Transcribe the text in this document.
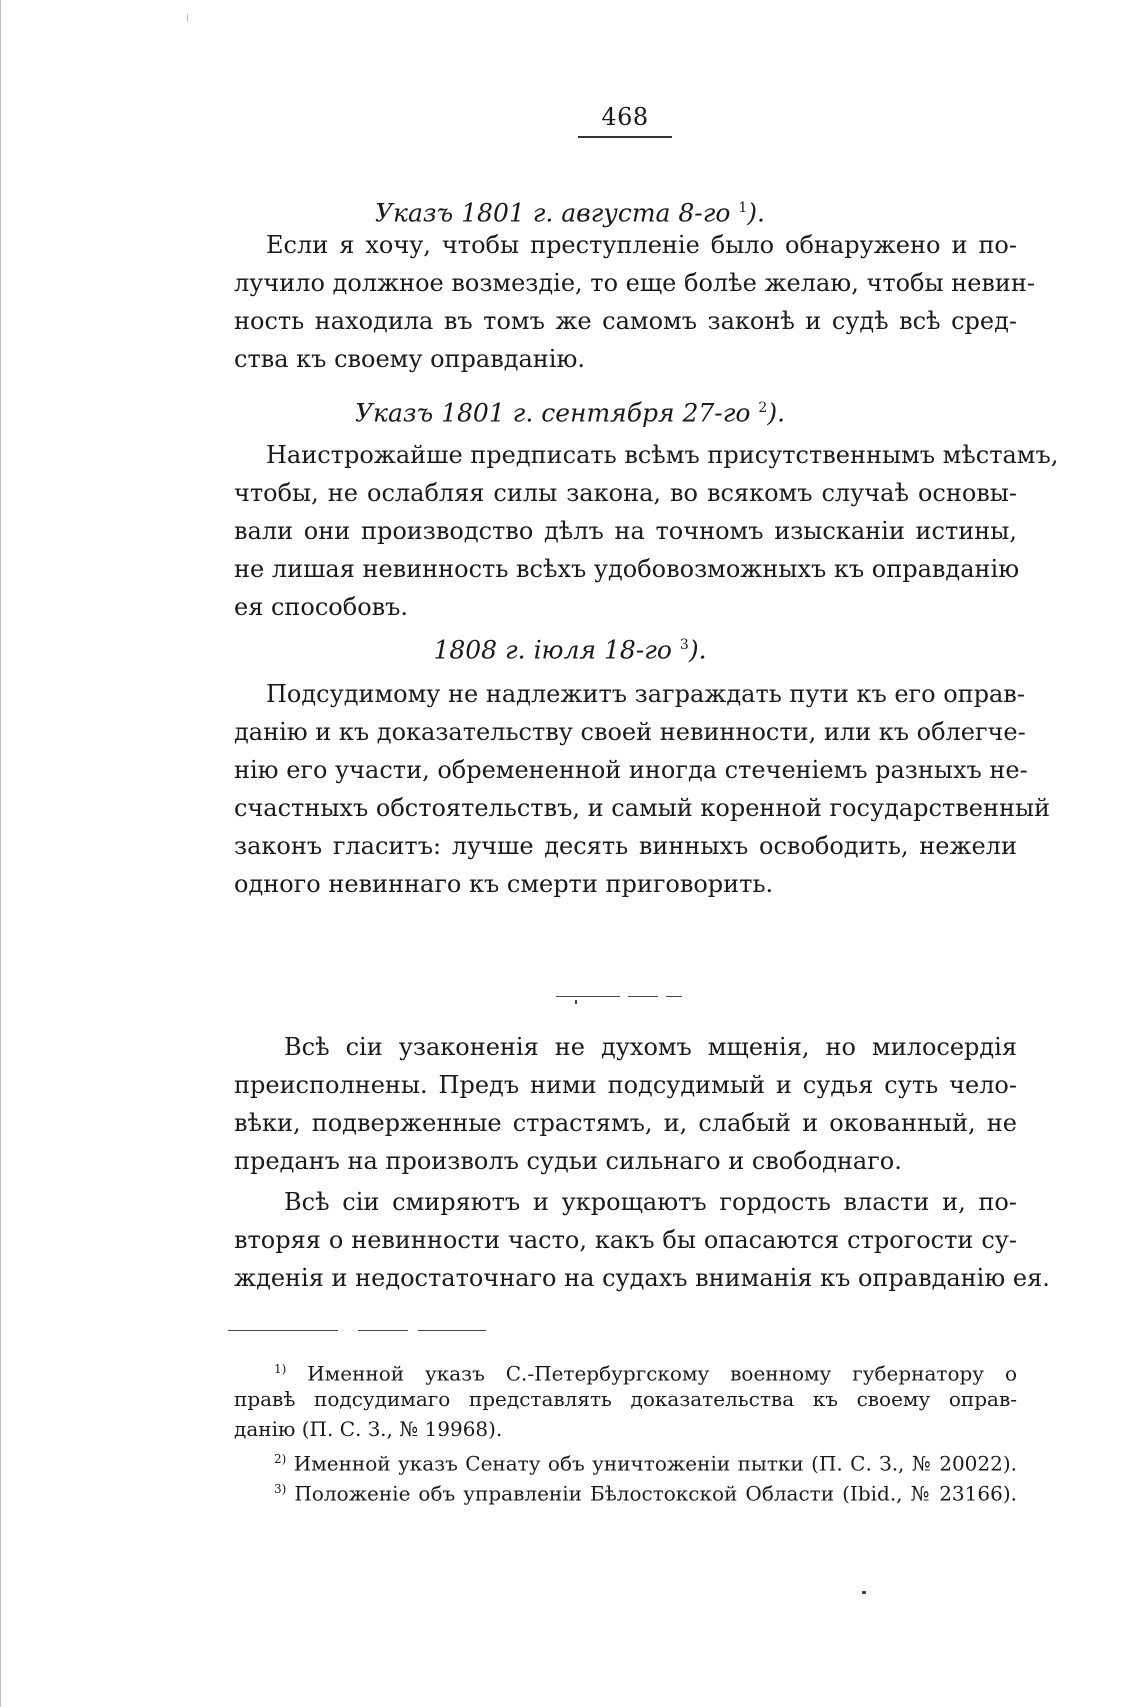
468
Указъ 1801 г. августа 8-го $^1$).
Если я хочу, чтобы преступленіе было обнаружено и по-
лучило должное возмездіе, то еще болѣе желаю, чтобы невин-
ность находила въ томъ же самомъ законѣ и судѣ всѣ сред-
ства къ своему оправданію.
Указъ 1801 г. сентября 27-го $^2$).
Наистрожайше предписать всѣмъ присутственнымъ мѣстамъ,
чтобы, не ослабляя силы закона, во всякомъ случаѣ основы-
вали они производство дѣлъ на точномъ изысканіи истины,
не лишая невинность всѣхъ удобовозможныхъ къ оправданію
ея способовъ.
1808 г. іюля 18-го $^3$).
Подсудимому не надлежитъ заграждать пути къ его оправ-
данію и къ доказательству своей невинности, или къ облегче-
нію его участи, обремененной иногда стеченіемъ разныхъ не-
счастныхъ обстоятельствъ, и самый коренной государственный
законъ гласитъ: лучше десять винныхъ освободить, нежели
одного невиннаго къ смерти приговорить.
Всѣ сіи узаконенія не духомъ мщенія, но милосердія
преисполнены. Предъ ними подсудимый и судья суть чело-
вѣки, подверженные страстямъ, и, слабый и окованный, не
преданъ на произволъ судьи сильнаго и свободнаго.
Всѣ сіи смиряютъ и укрощаютъ гордость власти и, по-
вторяя о невинности часто, какъ бы опасаются строгости су-
жденія и недостаточнаго на судахъ вниманія къ оправданію ея.
$^{1)}$ Именной указъ С.-Петербургскому военному губернатору о
правѣ подсудимаго представлять доказательства къ своему оправ-
данію (П. С. З., № 19968).
$^{2)}$ Именной указъ Сенату объ уничтоженіи пытки (П. С. З., № 20022).
$^{3)}$ Положеніе объ управленіи Бѣлостокской Области (Ibid., № 23166).
